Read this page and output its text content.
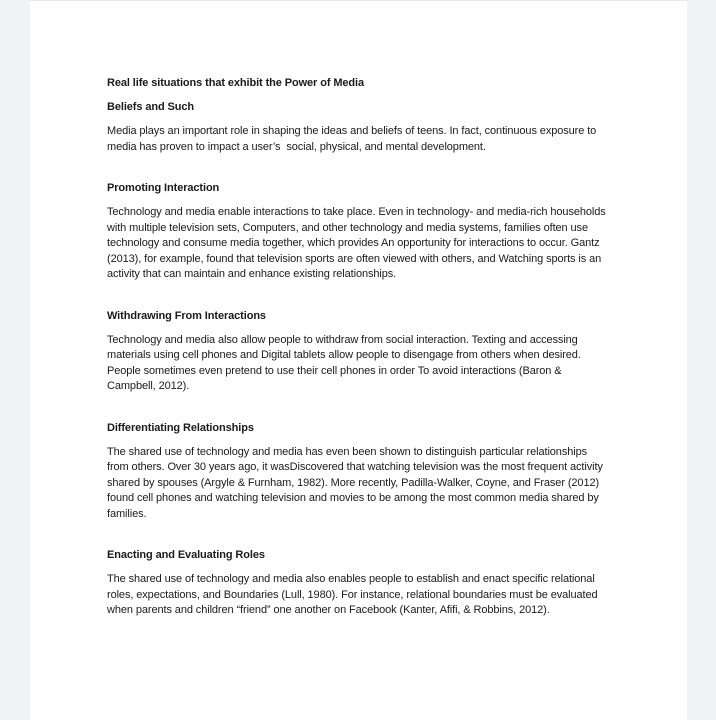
Real life situations that exhibit the Power of Media
Beliefs and Such

Media plays an important role in shaping the ideas and beliefs of teens. In fact, continuous exposure to media has proven to impact a user’s  social, physical, and mental development.

Promoting Interaction

Technology and media enable interactions to take place. Even in technology- and media-rich households with multiple television sets, Computers, and other technology and media systems, families often use technology and consume media together, which provides An opportunity for interactions to occur. Gantz (2013), for example, found that television sports are often viewed with others, and Watching sports is an activity that can maintain and enhance existing relationships.

Withdrawing From Interactions

Technology and media also allow people to withdraw from social interaction. Texting and accessing materials using cell phones and Digital tablets allow people to disengage from others when desired. People sometimes even pretend to use their cell phones in order To avoid interactions (Baron & Campbell, 2012).

Differentiating Relationships

The shared use of technology and media has even been shown to distinguish particular relationships from others. Over 30 years ago, it wasDiscovered that watching television was the most frequent activity shared by spouses (Argyle & Furnham, 1982). More recently, Padilla-Walker, Coyne, and Fraser (2012) found cell phones and watching television and movies to be among the most common media shared by families.

Enacting and Evaluating Roles

The shared use of technology and media also enables people to establish and enact specific relational roles, expectations, and Boundaries (Lull, 1980). For instance, relational boundaries must be evaluated when parents and children “friend” one another on Facebook (Kanter, Afifi, & Robbins, 2012).
